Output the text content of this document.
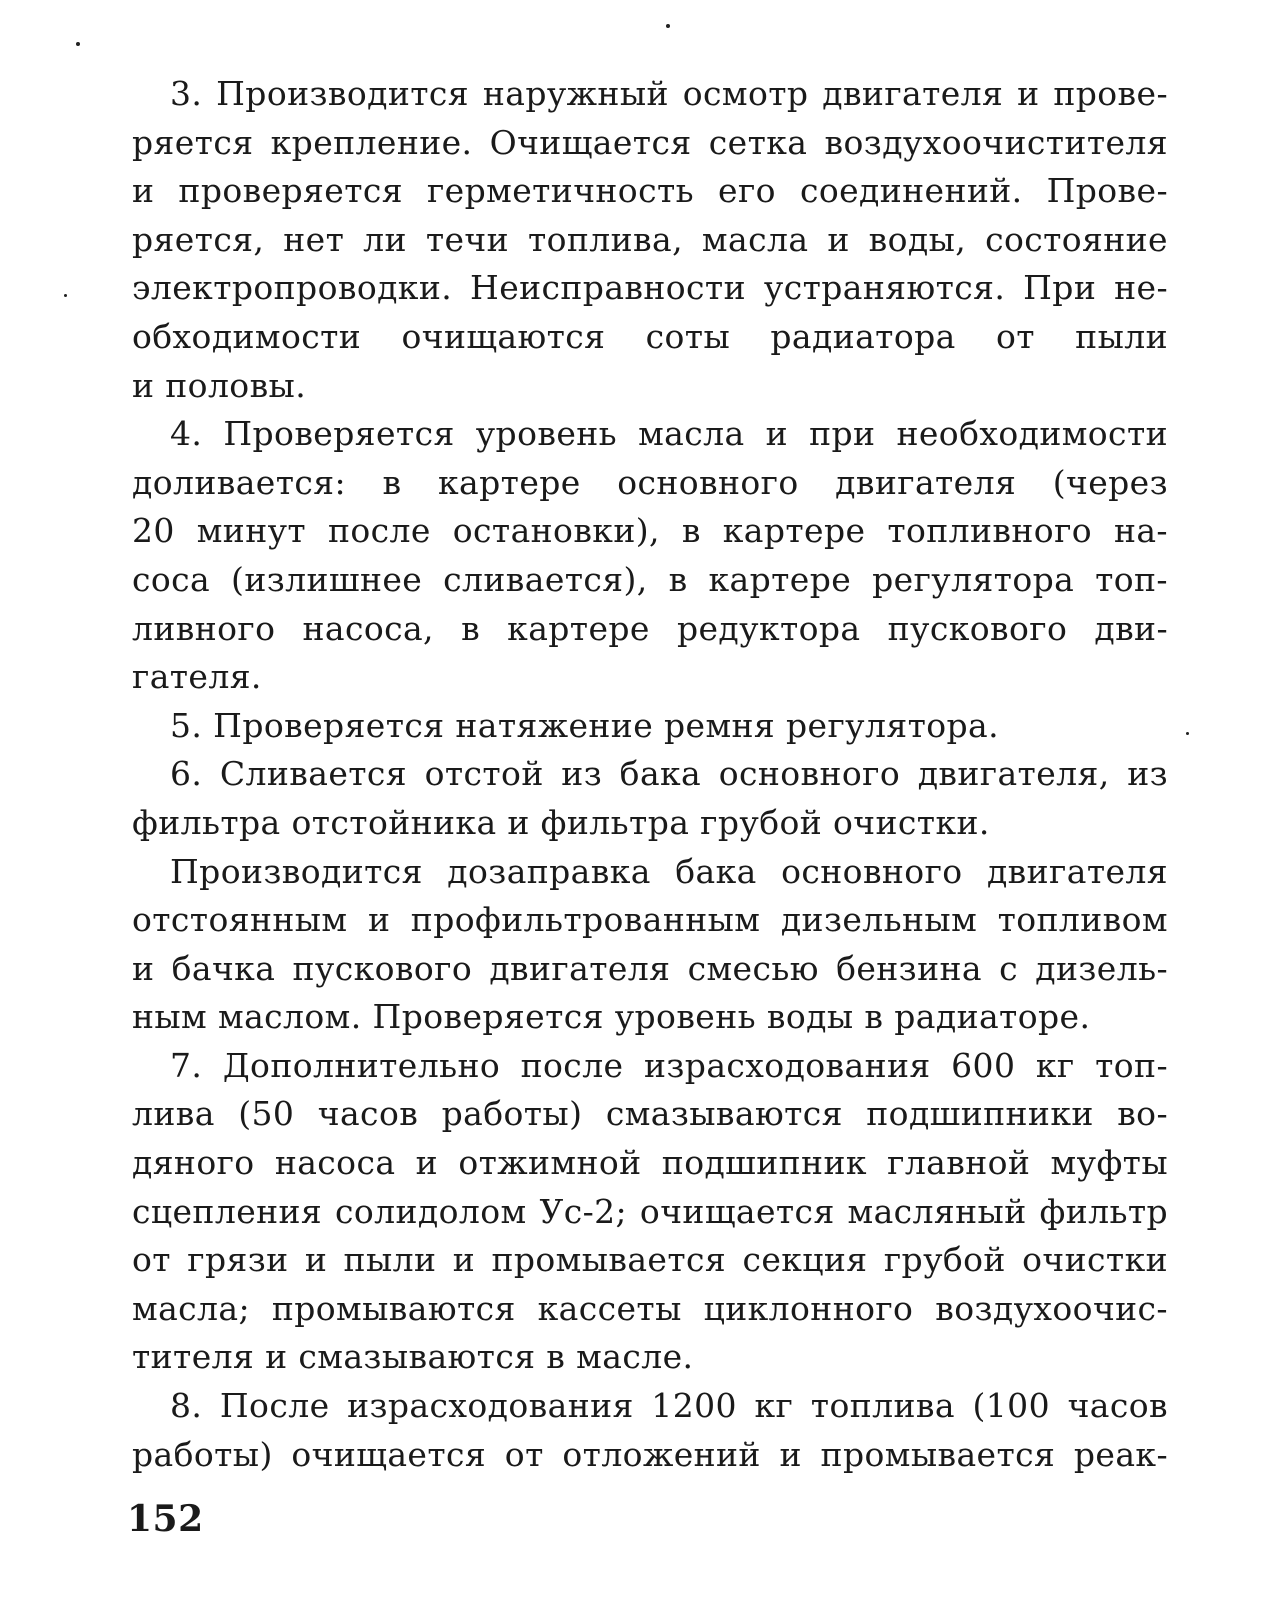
3. Производится наружный осмотр двигателя и прове-
ряется крепление. Очищается сетка воздухоочистителя
и проверяется герметичность его соединений. Прове-
ряется, нет ли течи топлива, масла и воды, состояние
электропроводки. Неисправности устраняются. При не-
обходимости очищаются соты радиатора от пыли
и половы.
4. Проверяется уровень масла и при необходимости
доливается: в картере основного двигателя (через
20 минут после остановки), в картере топливного на-
соса (излишнее сливается), в картере регулятора топ-
ливного насоса, в картере редуктора пускового дви-
гателя.
5. Проверяется натяжение ремня регулятора.
6. Сливается отстой из бака основного двигателя, из
фильтра отстойника и фильтра грубой очистки.
Производится дозаправка бака основного двигателя
отстоянным и профильтрованным дизельным топливом
и бачка пускового двигателя смесью бензина с дизель-
ным маслом. Проверяется уровень воды в радиаторе.
7. Дополнительно после израсходования 600 кг топ-
лива (50 часов работы) смазываются подшипники во-
дяного насоса и отжимной подшипник главной муфты
сцепления солидолом Ус-2; очищается масляный фильтр
от грязи и пыли и промывается секция грубой очистки
масла; промываются кассеты циклонного воздухоочис-
тителя и смазываются в масле.
8. После израсходования 1200 кг топлива (100 часов
работы) очищается от отложений и промывается реак-
152
